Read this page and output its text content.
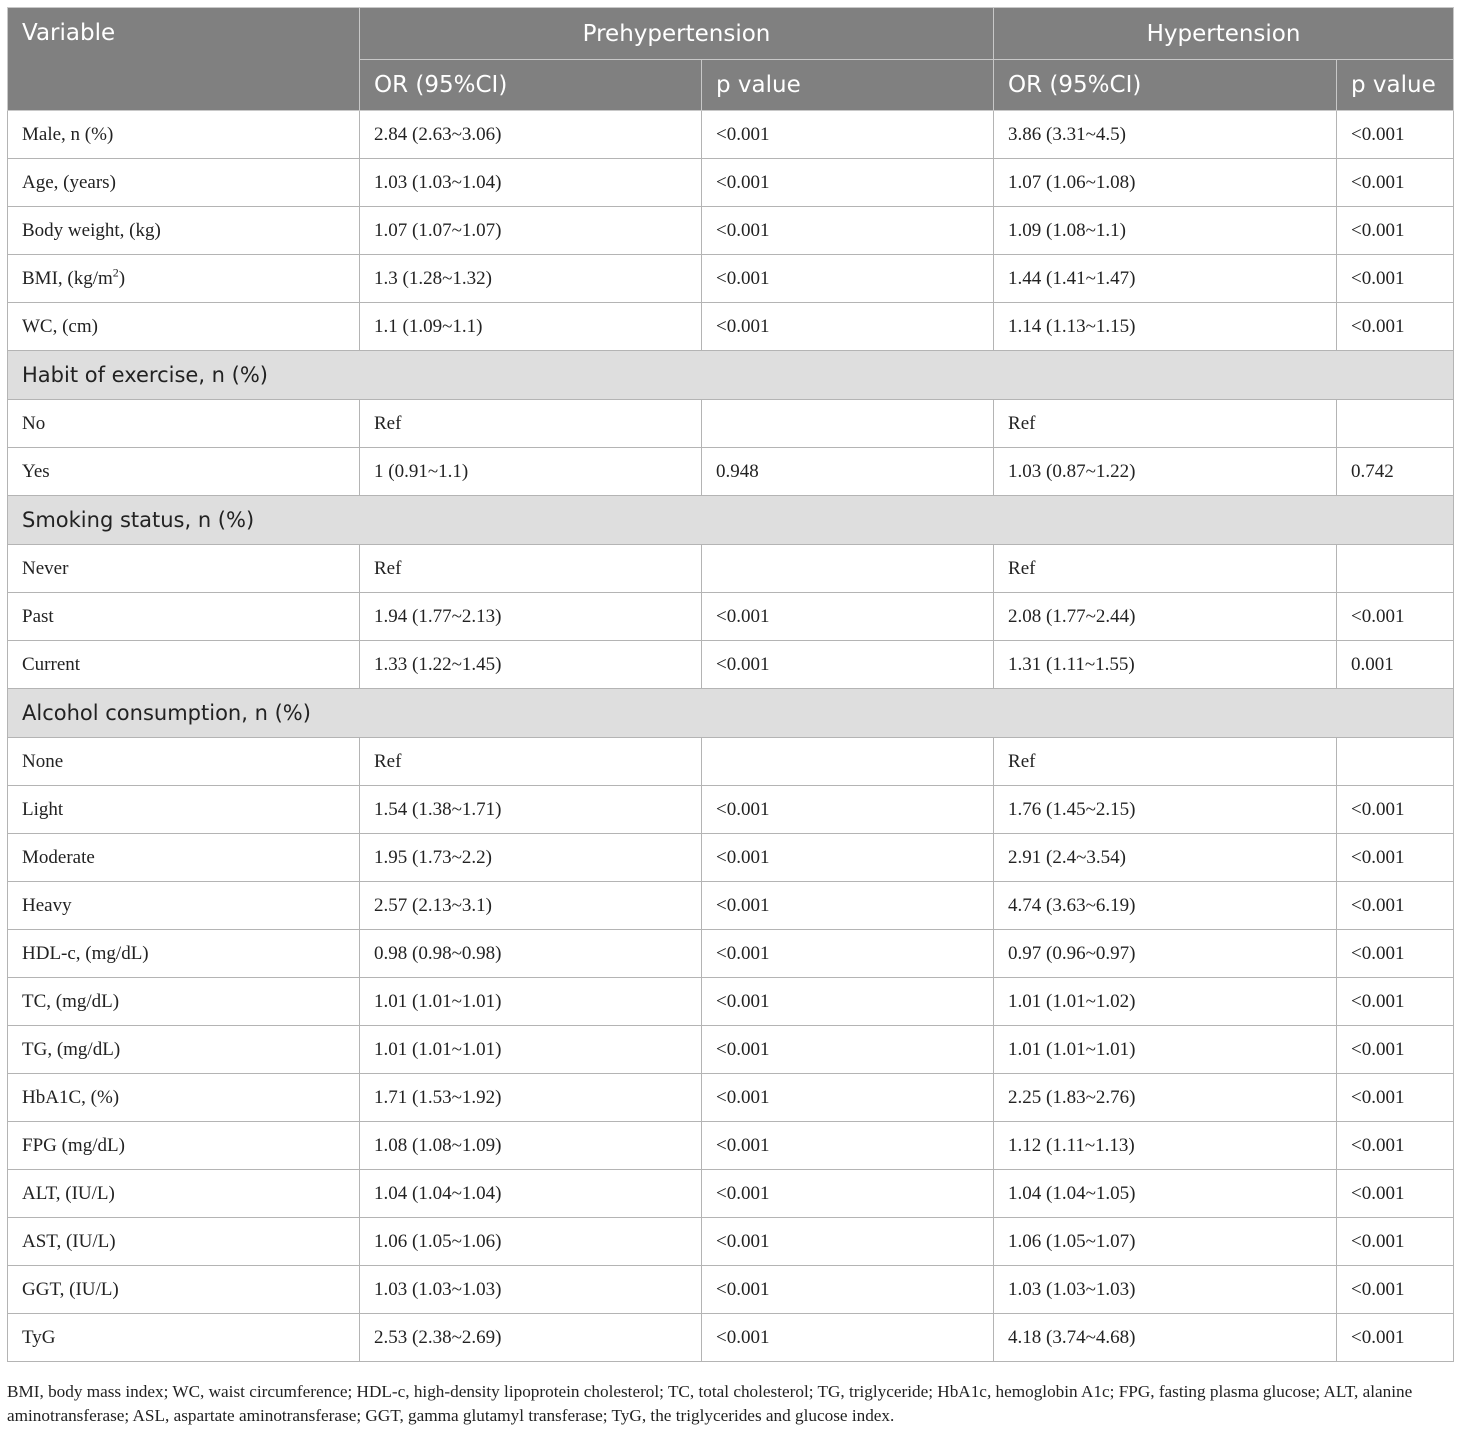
Variable	Prehypertension		Hypertension	
	OR (95%CI)	p value	OR (95%CI)	p value
Male, n (%)	2.84 (2.63~3.06)	<0.001	3.86 (3.31~4.5)	<0.001
Age, (years)	1.03 (1.03~1.04)	<0.001	1.07 (1.06~1.08)	<0.001
Body weight, (kg)	1.07 (1.07~1.07)	<0.001	1.09 (1.08~1.1)	<0.001
BMI, $(kg/m^2)$	1.3 (1.28~1.32)	<0.001	1.44 (1.41~1.47)	<0.001
WC, (cm)	1.1 (1.09~1.1)	<0.001	1.14 (1.13~1.15)	<0.001
Habit of exercise, n (%)				
No	Ref		Ref	
Yes	1 (0.91~1.1)	0.948	1.03 (0.87~1.22)	0.742
Smoking status, n (%)				
Never	Ref		Ref	
Past	1.94 (1.77~2.13)	<0.001	2.08 (1.77~2.44)	<0.001
Current	1.33 (1.22~1.45)	<0.001	1.31 (1.11~1.55)	0.001
Alcohol consumption, n (%)				
None	Ref		Ref	
Light	1.54 (1.38~1.71)	<0.001	1.76 (1.45~2.15)	<0.001
Moderate	1.95 (1.73~2.2)	<0.001	2.91 (2.4~3.54)	<0.001
Heavy	2.57 (2.13~3.1)	<0.001	4.74 (3.63~6.19)	<0.001
HDL-c, (mg/dL)	0.98 (0.98~0.98)	<0.001	0.97 (0.96~0.97)	<0.001
TC, (mg/dL)	1.01 (1.01~1.01)	<0.001	1.01 (1.01~1.02)	<0.001
TG, (mg/dL)	1.01 (1.01~1.01)	<0.001	1.01 (1.01~1.01)	<0.001
HbA1C, (%)	1.71 (1.53~1.92)	<0.001	2.25 (1.83~2.76)	<0.001
FPG (mg/dL)	1.08 (1.08~1.09)	<0.001	1.12 (1.11~1.13)	<0.001
ALT, (IU/L)	1.04 (1.04~1.04)	<0.001	1.04 (1.04~1.05)	<0.001
AST, (IU/L)	1.06 (1.05~1.06)	<0.001	1.06 (1.05~1.07)	<0.001
GGT, (IU/L)	1.03 (1.03~1.03)	<0.001	1.03 (1.03~1.03)	<0.001
TyG	2.53 (2.38~2.69)	<0.001	4.18 (3.74~4.68)	<0.001
BMI, body mass index; WC, waist circumference; HDL-c, high-density lipoprotein cholesterol; TC, total cholesterol; TG, triglyceride; HbA1c, hemoglobin A1c; FPG, fasting plasma glucose; ALT, alanine aminotransferase; ASL, aspartate aminotransferase; GGT, gamma glutamyl transferase; TyG, the triglycerides and glucose index.
